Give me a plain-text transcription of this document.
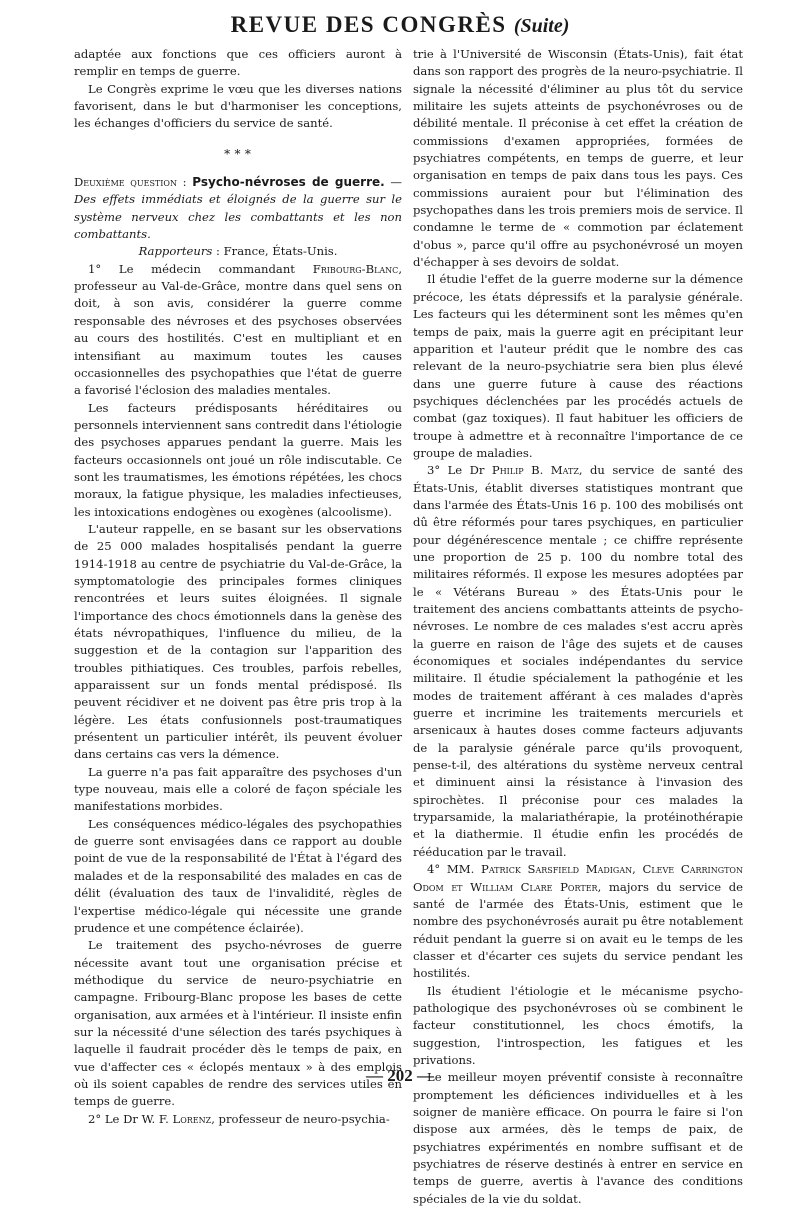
REVUE DES CONGRÈS (Suite)

adaptée aux fonctions que ces officiers auront à remplir en temps de guerre.

Le Congrès exprime le vœu que les diverses nations favorisent, dans le but d'harmoniser les conceptions, les échanges d'officiers du service de santé.

* * *

Deuxième question : Psycho-névroses de guerre. — Des effets immédiats et éloignés de la guerre sur le système nerveux chez les combattants et les non combattants.

Rapporteurs : France, États-Unis.

1° Le médecin commandant Fribourg-Blanc, professeur au Val-de-Grâce, montre dans quel sens on doit, à son avis, considérer la guerre comme responsable des névroses et des psychoses observées au cours des hostilités. C'est en multipliant et en intensifiant au maximum toutes les causes occasionnelles des psychopathies que l'état de guerre a favorisé l'éclosion des maladies mentales.

Les facteurs prédisposants héréditaires ou personnels interviennent sans contredit dans l'étiologie des psychoses apparues pendant la guerre. Mais les facteurs occasionnels ont joué un rôle indiscutable. Ce sont les traumatismes, les émotions répétées, les chocs moraux, la fatigue physique, les maladies infectieuses, les intoxications endogènes ou exogènes (alcoolisme).

L'auteur rappelle, en se basant sur les observations de 25 000 malades hospitalisés pendant la guerre 1914-1918 au centre de psychiatrie du Val-de-Grâce, la symptomatologie des principales formes cliniques rencontrées et leurs suites éloignées. Il signale l'importance des chocs émotionnels dans la genèse des états névropathiques, l'influence du milieu, de la suggestion et de la contagion sur l'apparition des troubles pithiatiques. Ces troubles, parfois rebelles, apparaissent sur un fonds mental prédisposé. Ils peuvent récidiver et ne doivent pas être pris trop à la légère. Les états confusionnels post-traumatiques présentent un particulier intérêt, ils peuvent évoluer dans certains cas vers la démence.

La guerre n'a pas fait apparaître des psychoses d'un type nouveau, mais elle a coloré de façon spéciale les manifestations morbides.

Les conséquences médico-légales des psychopathies de guerre sont envisagées dans ce rapport au double point de vue de la responsabilité de l'État à l'égard des malades et de la responsabilité des malades en cas de délit (évaluation des taux de l'invalidité, règles de l'expertise médico-légale qui nécessite une grande prudence et une compétence éclairée).

Le traitement des psycho-névroses de guerre nécessite avant tout une organisation précise et méthodique du service de neuro-psychiatrie en campagne. Fribourg-Blanc propose les bases de cette organisation, aux armées et à l'intérieur. Il insiste enfin sur la nécessité d'une sélection des tarés psychiques à laquelle il faudrait procéder dès le temps de paix, en vue d'affecter ces « éclopés mentaux » à des emplois où ils soient capables de rendre des services utiles en temps de guerre.

2° Le Dr W. F. Lorenz, professeur de neuro-psychia-

trie à l'Université de Wisconsin (États-Unis), fait état dans son rapport des progrès de la neuro-psychiatrie. Il signale la nécessité d'éliminer au plus tôt du service militaire les sujets atteints de psychonévroses ou de débilité mentale. Il préconise à cet effet la création de commissions d'examen appropriées, formées de psychiatres compétents, en temps de guerre, et leur organisation en temps de paix dans tous les pays. Ces commissions auraient pour but l'élimination des psychopathes dans les trois premiers mois de service. Il condamne le terme de « commotion par éclatement d'obus », parce qu'il offre au psychonévrosé un moyen d'échapper à ses devoirs de soldat.

Il étudie l'effet de la guerre moderne sur la démence précoce, les états dépressifs et la paralysie générale. Les facteurs qui les déterminent sont les mêmes qu'en temps de paix, mais la guerre agit en précipitant leur apparition et l'auteur prédit que le nombre des cas relevant de la neuro-psychiatrie sera bien plus élevé dans une guerre future à cause des réactions psychiques déclenchées par les procédés actuels de combat (gaz toxiques). Il faut habituer les officiers de troupe à admettre et à reconnaître l'importance de ce groupe de maladies.

3° Le Dr Philip B. Matz, du service de santé des États-Unis, établit diverses statistiques montrant que dans l'armée des États-Unis 16 p. 100 des mobilisés ont dû être réformés pour tares psychiques, en particulier pour dégénérescence mentale ; ce chiffre représente une proportion de 25 p. 100 du nombre total des militaires réformés. Il expose les mesures adoptées par le « Vétérans Bureau » des États-Unis pour le traitement des anciens combattants atteints de psycho-névroses. Le nombre de ces malades s'est accru après la guerre en raison de l'âge des sujets et de causes économiques et sociales indépendantes du service militaire. Il étudie spécialement la pathogénie et les modes de traitement afférant à ces malades d'après guerre et incrimine les traitements mercuriels et arsenicaux à hautes doses comme facteurs adjuvants de la paralysie générale parce qu'ils provoquent, pense-t-il, des altérations du système nerveux central et diminuent ainsi la résistance à l'invasion des spirochètes. Il préconise pour ces malades la tryparsamide, la malariathérapie, la protéinothérapie et la diathermie. Il étudie enfin les procédés de rééducation par le travail.

4° MM. Patrick Sarsfield Madigan, Cleve Carrington Odom et William Clare Porter, majors du service de santé de l'armée des États-Unis, estiment que le nombre des psychonévrosés aurait pu être notablement réduit pendant la guerre si on avait eu le temps de les classer et d'écarter ces sujets du service pendant les hostilités.

Ils étudient l'étiologie et le mécanisme psycho-pathologique des psychonévroses où se combinent le facteur constitutionnel, les chocs émotifs, la suggestion, l'introspection, les fatigues et les privations.

Le meilleur moyen préventif consiste à reconnaître promptement les déficiences individuelles et à les soigner de manière efficace. On pourra le faire si l'on dispose aux armées, dès le temps de paix, de psychiatres expérimentés en nombre suffisant et de psychiatres de réserve destinés à entrer en service en temps de guerre, avertis à l'avance des conditions spéciales de la vie du soldat.

— 202 —
